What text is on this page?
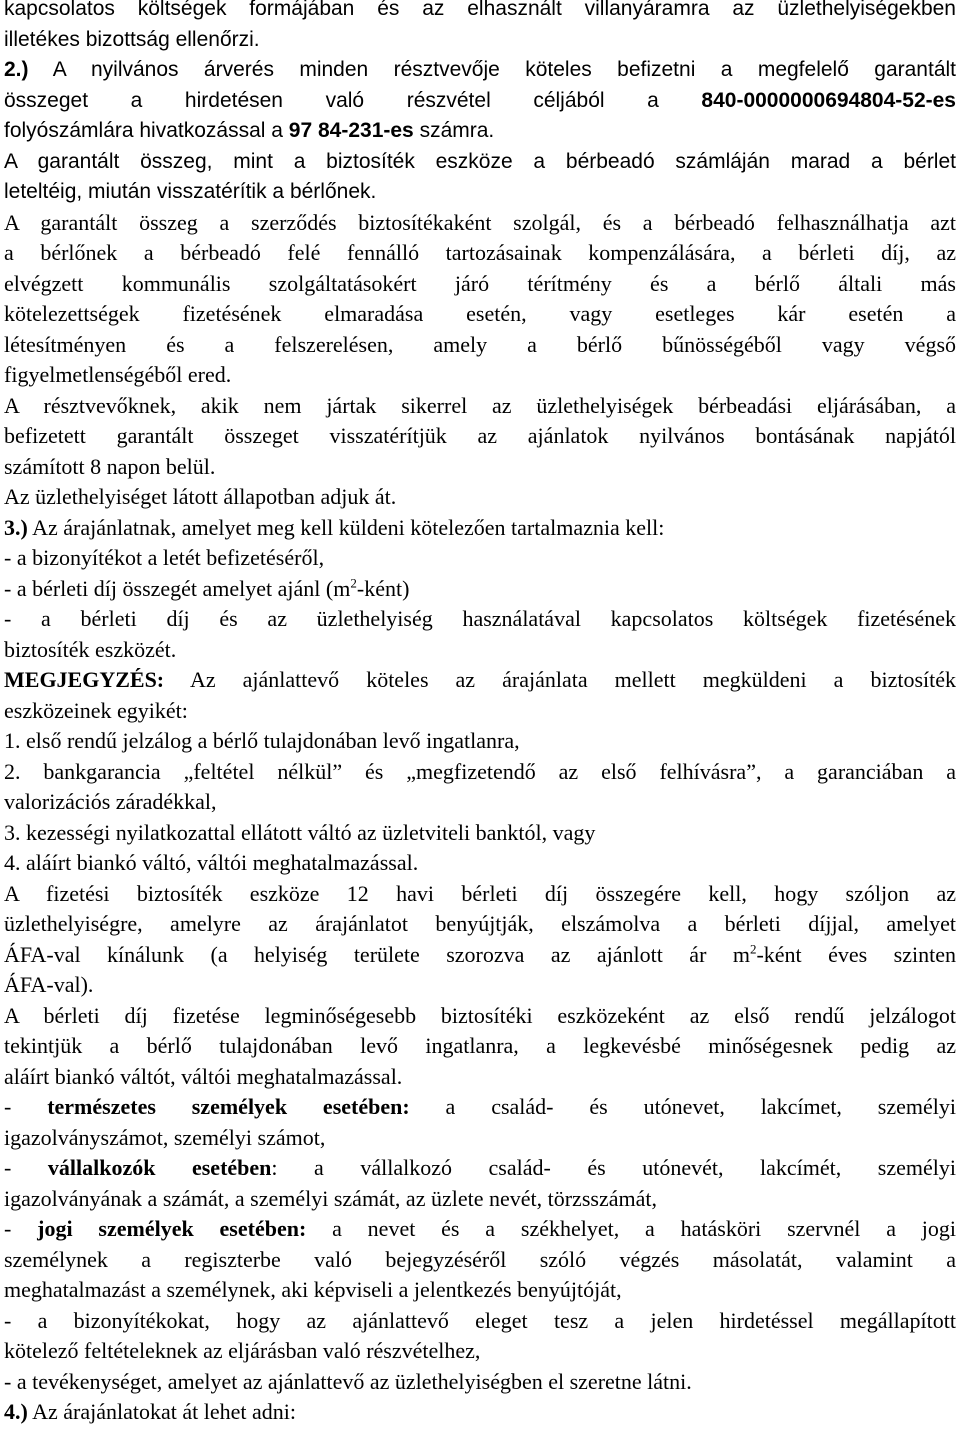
kapcsolatos költségek formájában és az elhasznált villanyáramra az üzlethelyiségekben
illetékes bizottság ellenőrzi.
2.) A nyilvános árverés minden résztvevője köteles befizetni a megfelelő garantált
összeget a hirdetésen való részvétel céljából a 840-0000000694804-52-es
folyószámlára hivatkozással a 97 84-231-es számra.
A garantált összeg, mint a biztosíték eszköze a bérbeadó számláján marad a bérlet
leteltéig, miután visszatérítik a bérlőnek.
A garantált összeg a szerződés biztosítékaként szolgál, és a bérbeadó felhasználhatja azt
a bérlőnek a bérbeadó felé fennálló tartozásainak kompenzálására, a bérleti díj, az
elvégzett kommunális szolgáltatásokért járó térítmény és a bérlő általi más
kötelezettségek fizetésének elmaradása esetén, vagy esetleges kár esetén a
létesítményen és a felszerelésen, amely a bérlő bűnösségéből vagy végső
figyelmetlenségéből ered.
A résztvevőknek, akik nem jártak sikerrel az üzlethelyiségek bérbeadási eljárásában, a
befizetett garantált összeget visszatérítjük az ajánlatok nyilvános bontásának napjától
számított 8 napon belül.
Az üzlethelyiséget látott állapotban adjuk át.
3.) Az árajánlatnak, amelyet meg kell küldeni kötelezően tartalmaznia kell:
- a bizonyítékot a letét befizetéséről,
- a bérleti díj összegét amelyet ajánl $(m^2-ként)$
- a bérleti díj és az üzlethelyiség használatával kapcsolatos költségek fizetésének
biztosíték eszközét.
MEGJEGYZÉS: Az ajánlattevő köteles az árajánlata mellett megküldeni a biztosíték
eszközeinek egyikét:
1. első rendű jelzálog a bérlő tulajdonában levő ingatlanra,
2. bankgarancia „feltétel nélkül” és „megfizetendő az első felhívásra”, a garanciában a
valorizációs záradékkal,
3. kezességi nyilatkozattal ellátott váltó az üzletviteli banktól, vagy
4. aláírt biankó váltó, váltói meghatalmazással.
A fizetési biztosíték eszköze 12 havi bérleti díj összegére kell, hogy szóljon az
üzlethelyiségre, amelyre az árajánlatot benyújtják, elszámolva a bérleti díjjal, amelyet
ÁFA-val kínálunk (a helyiség területe szorozva az ajánlott ár $m^2$-ként éves szinten
ÁFA-val).
A bérleti díj fizetése legminőségesebb biztosítéki eszközeként az első rendű jelzálogot
tekintjük a bérlő tulajdonában levő ingatlanra, a legkevésbé minőségesnek pedig az
aláírt biankó váltót, váltói meghatalmazással.
- természetes személyek esetében: a család- és utónevet, lakcímet, személyi
igazolványszámot, személyi számot,
- vállalkozók esetében: a vállalkozó család- és utónevét, lakcímét, személyi
igazolványának a számát, a személyi számát, az üzlete nevét, törzsszámát,
- jogi személyek esetében: a nevet és a székhelyet, a hatásköri szervnél a jogi
személynek a regiszterbe való bejegyzéséről szóló végzés másolatát, valamint a
meghatalmazást a személynek, aki képviseli a jelentkezés benyújtóját,
- a bizonyítékokat, hogy az ajánlattevő eleget tesz a jelen hirdetéssel megállapított
kötelező feltételeknek az eljárásban való részvételhez,
- a tevékenységet, amelyet az ajánlattevő az üzlethelyiségben el szeretne látni.
4.) Az árajánlatokat át lehet adni:
